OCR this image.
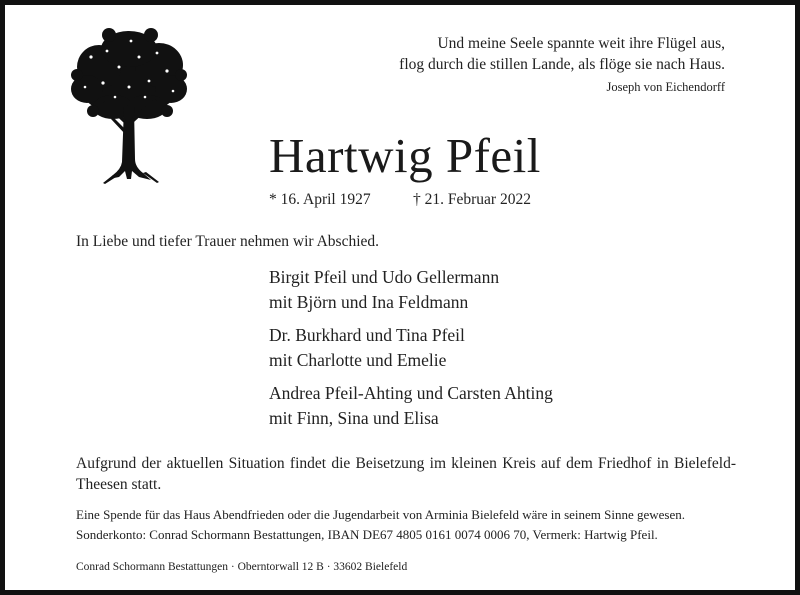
Und meine Seele spannte weit ihre Flügel aus,
flog durch die stillen Lande, als flöge sie nach Haus.
Joseph von Eichendorff
Hartwig Pfeil
* 16. April 1927	† 21. Februar 2022
In Liebe und tiefer Trauer nehmen wir Abschied.
Birgit Pfeil und Udo Gellermann
mit Björn und Ina Feldmann
Dr. Burkhard und Tina Pfeil
mit Charlotte und Emelie
Andrea Pfeil-Ahting und Carsten Ahting
mit Finn, Sina und Elisa
Aufgrund der aktuellen Situation findet die Beisetzung im kleinen Kreis auf dem Friedhof in Bielefeld-Theesen statt.
Eine Spende für das Haus Abendfrieden oder die Jugendarbeit von Arminia Bielefeld wäre in seinem Sinne gewesen.
Sonderkonto: Conrad Schormann Bestattungen, IBAN DE67 4805 0161 0074 0006 70, Vermerk: Hartwig Pfeil.
Conrad Schormann Bestattungen · Oberntorwall 12 B · 33602 Bielefeld
